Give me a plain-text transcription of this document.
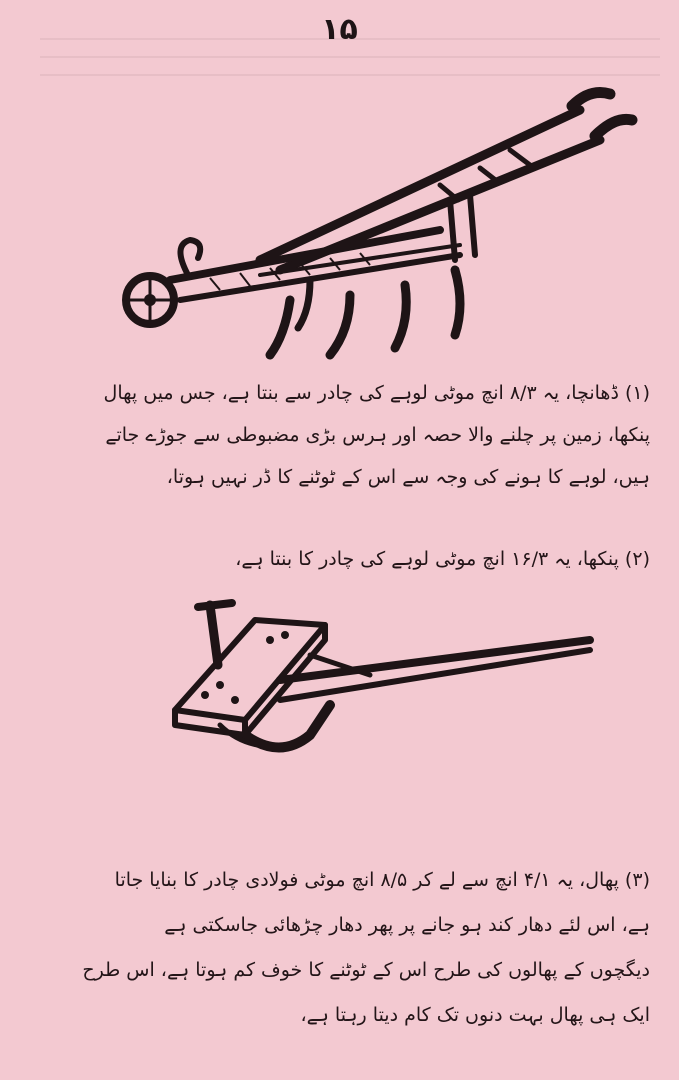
۱۵

(۱) ڈھانچا، یہ ۸/۳ انچ موٹی لوہے کی چادر سے بنتا ہے، جس میں پھال

پنکھا، زمین پر چلنے والا حصہ اور ہرس بڑی مضبوطی سے جوڑے جاتے

ہیں، لوہے کا ہونے کی وجہ سے اس کے ٹوٹنے کا ڈر نہیں ہوتا،

(۲) پنکھا، یہ ۱۶/۳ انچ موٹی لوہے کی چادر کا بنتا ہے،

(۳) پھال، یہ ۴/۱ انچ سے لے کر ۸/۵ انچ موٹی فولادی چادر کا بنایا جاتا

ہے، اس لئے دھار کند ہو جانے پر پھر دھار چڑھائی جاسکتی ہے

دیگچوں کے پھالوں کی طرح اس کے ٹوٹنے کا خوف کم ہوتا ہے، اس طرح

ایک ہی پھال بہت دنوں تک کام دیتا رہتا ہے،
